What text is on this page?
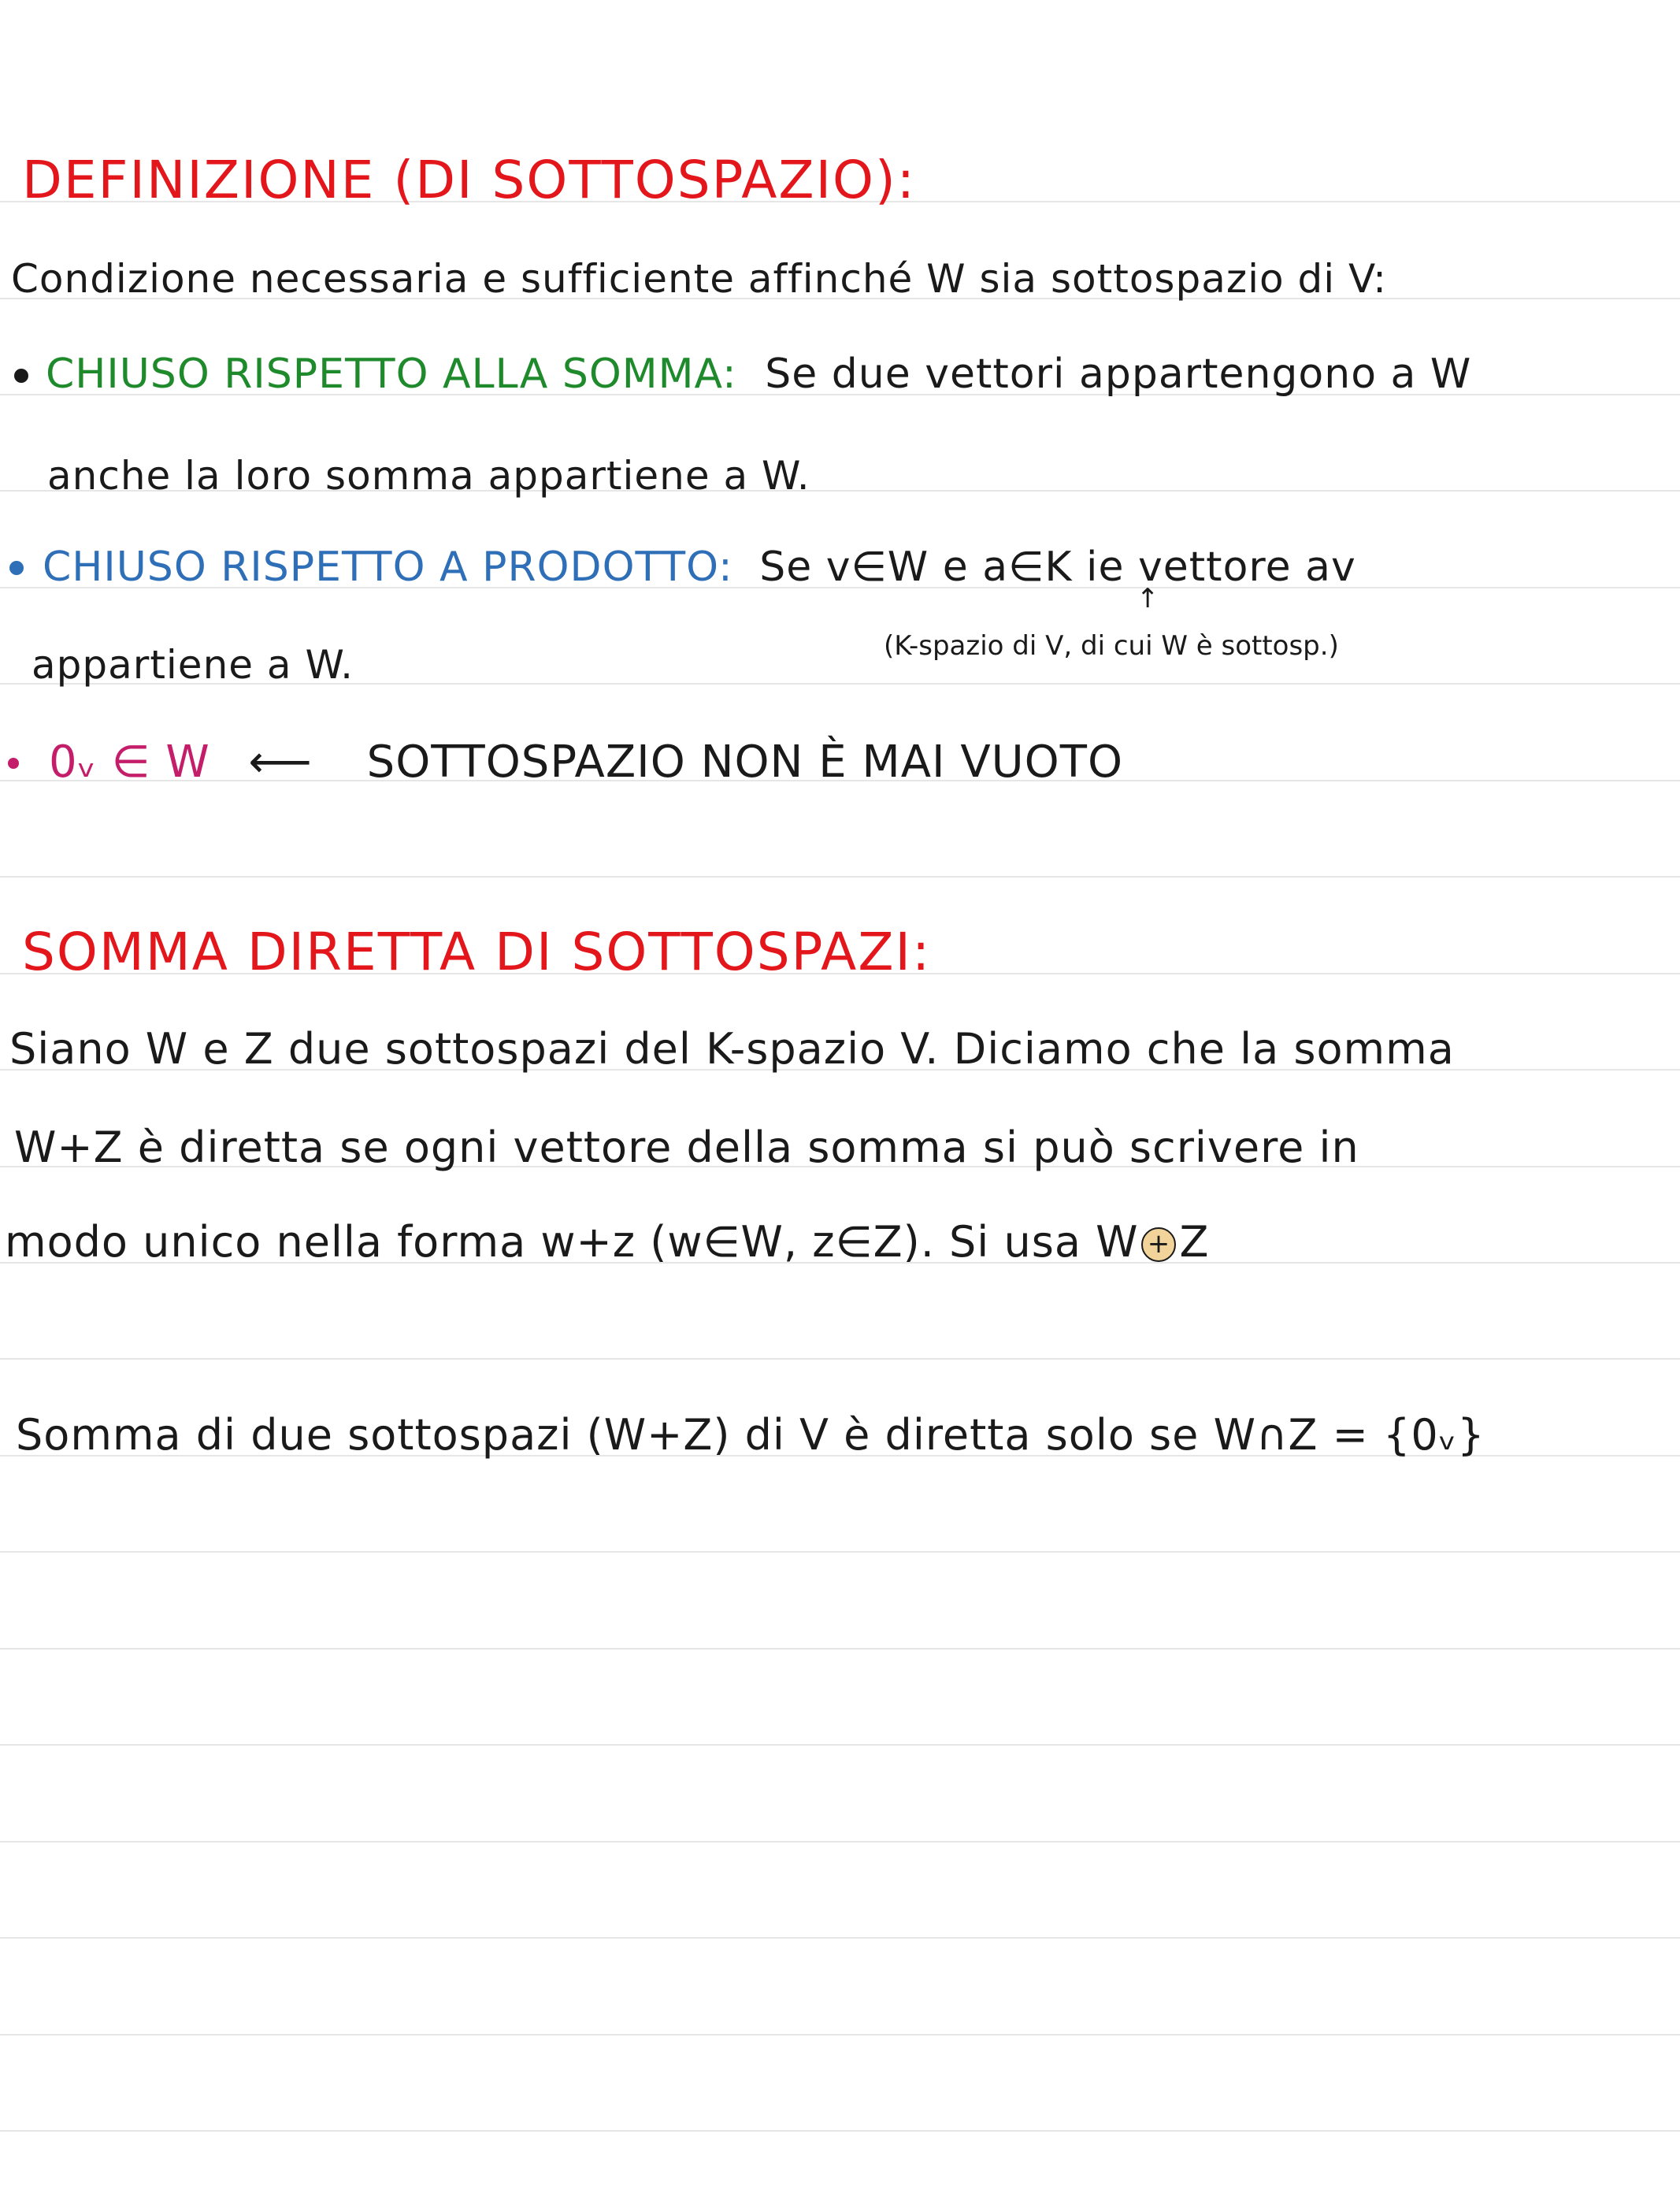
DEFINIZIONE (DI SOTTOSPAZIO):
Condizione necessaria e sufficiente affinché W sia sottospazio di V:
CHIUSO RISPETTO ALLA SOMMA: Se due vettori appartengono a W
anche la loro somma appartiene a W.
CHIUSO RISPETTO A PRODOTTO: Se v∈W e a∈K ie vettore av
↑
appartiene a W.	(K-spazio di V, di cui W è sottosp.)
0ᵥ ∈ W ⟵ SOTTOSPAZIO NON È MAI VUOTO
SOMMA DIRETTA DI SOTTOSPAZI:
Siano W e Z due sottospazi del K-spazio V. Diciamo che la somma
W+Z è diretta se ogni vettore della somma si può scrivere in
modo unico nella forma w+z (w∈W, z∈Z). Si usa W + Z
Somma di due sottospazi (W+Z) di V è diretta solo se W∩Z = {0ᵥ}
